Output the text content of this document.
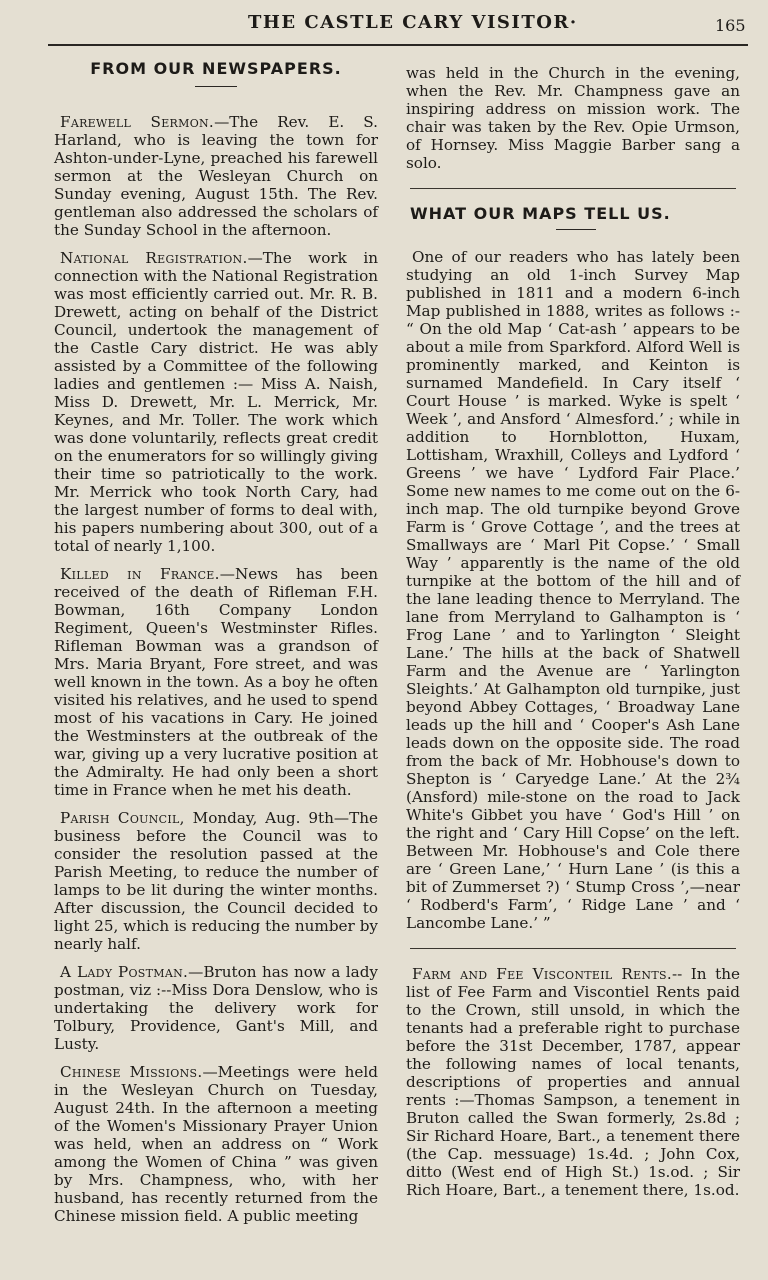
THE CASTLE CARY VISITOR·	165
FROM OUR NEWSPAPERS.

Farewell Sermon.—The Rev. E. S. Harland, who is leaving the town for Ashton-under-Lyne, preached his farewell sermon at the Wesleyan Church on Sunday evening, August 15th. The Rev. gentleman also addressed the scholars of the Sunday School in the afternoon.

National Registration.—The work in connection with the National Registration was most efficiently carried out. Mr. R. B. Drewett, acting on behalf of the District Council, undertook the management of the Castle Cary district. He was ably assisted by a Committee of the following ladies and gentlemen :— Miss A. Naish, Miss D. Drewett, Mr. L. Merrick, Mr. Keynes, and Mr. Toller. The work which was done voluntarily, reflects great credit on the enumerators for so willingly giving their time so patriotically to the work. Mr. Merrick who took North Cary, had the largest number of forms to deal with, his papers numbering about 300, out of a total of nearly 1,100.

Killed in France.—News has been received of the death of Rifleman F.H. Bowman, 16th Company London Regiment, Queen's Westminster Rifles. Rifleman Bowman was a grandson of Mrs. Maria Bryant, Fore street, and was well known in the town. As a boy he often visited his relatives, and he used to spend most of his vacations in Cary. He joined the Westminsters at the outbreak of the war, giving up a very lucrative position at the Admiralty. He had only been a short time in France when he met his death.

Parish Council, Monday, Aug. 9th—The business before the Council was to consider the resolution passed at the Parish Meeting, to reduce the number of lamps to be lit during the winter months. After discussion, the Council decided to light 25, which is reducing the number by nearly half.

A Lady Postman.—Bruton has now a lady postman, viz :--Miss Dora Denslow, who is undertaking the delivery work for Tolbury, Providence, Gant's Mill, and Lusty.

Chinese Missions.—Meetings were held in the Wesleyan Church on Tuesday, August 24th. In the afternoon a meeting of the Women's Missionary Prayer Union was held, when an address on “ Work among the Women of China ” was given by Mrs. Champness, who, with her husband, has recently returned from the Chinese mission field. A public meeting

was held in the Church in the evening, when the Rev. Mr. Champness gave an inspiring address on mission work. The chair was taken by the Rev. Opie Urmson, of Hornsey. Miss Maggie Barber sang a solo.

WHAT OUR MAPS TELL US.

One of our readers who has lately been studying an old 1-inch Survey Map published in 1811 and a modern 6-inch Map published in 1888, writes as follows :- “ On the old Map ‘ Cat-ash ’ appears to be about a mile from Sparkford. Alford Well is prominently marked, and Keinton is surnamed Mandefield. In Cary itself ‘ Court House ’ is marked. Wyke is spelt ‘ Week ’, and Ansford ‘ Almesford.’ ; while in addition to Hornblotton, Huxam, Lottisham, Wraxhill, Colleys and Lydford ‘ Greens ’ we have ‘ Lydford Fair Place.’ Some new names to me come out on the 6-inch map. The old turnpike beyond Grove Farm is ‘ Grove Cottage ’, and the trees at Smallways are ‘ Marl Pit Copse.’ ‘ Small Way ’ apparently is the name of the old turnpike at the bottom of the hill and of the lane leading thence to Merryland. The lane from Merryland to Galhampton is ‘ Frog Lane ’ and to Yarlington ‘ Sleight Lane.’ The hills at the back of Shatwell Farm and the Avenue are ‘ Yarlington Sleights.’ At Galhampton old turnpike, just beyond Abbey Cottages, ‘ Broadway Lane leads up the hill and ‘ Cooper's Ash Lane leads down on the opposite side. The road from the back of Mr. Hobhouse's down to Shepton is ‘ Caryedge Lane.’ At the 2¾ (Ansford) mile-stone on the road to Jack White's Gibbet you have ‘ God's Hill ’ on the right and ‘ Cary Hill Copse’ on the left. Between Mr. Hobhouse's and Cole there are ‘ Green Lane,’ ‘ Hurn Lane ’ (is this a bit of Zummerset ?) ‘ Stump Cross ’,—near ‘ Rodberd's Farm’, ‘ Ridge Lane ’ and ‘ Lancombe Lane.’ ”

Farm and Fee Visconteil Rents.-- In the list of Fee Farm and Viscontiel Rents paid to the Crown, still unsold, in which the tenants had a preferable right to purchase before the 31st December, 1787, appear the following names of local tenants, descriptions of properties and annual rents :—Thomas Sampson, a tenement in Bruton called the Swan formerly, 2s.8d ; Sir Richard Hoare, Bart., a tenement there (the Cap. messuage) 1s.4d. ; John Cox, ditto (West end of High St.) 1s.od. ; Sir Rich Hoare, Bart., a tenement there, 1s.od.
